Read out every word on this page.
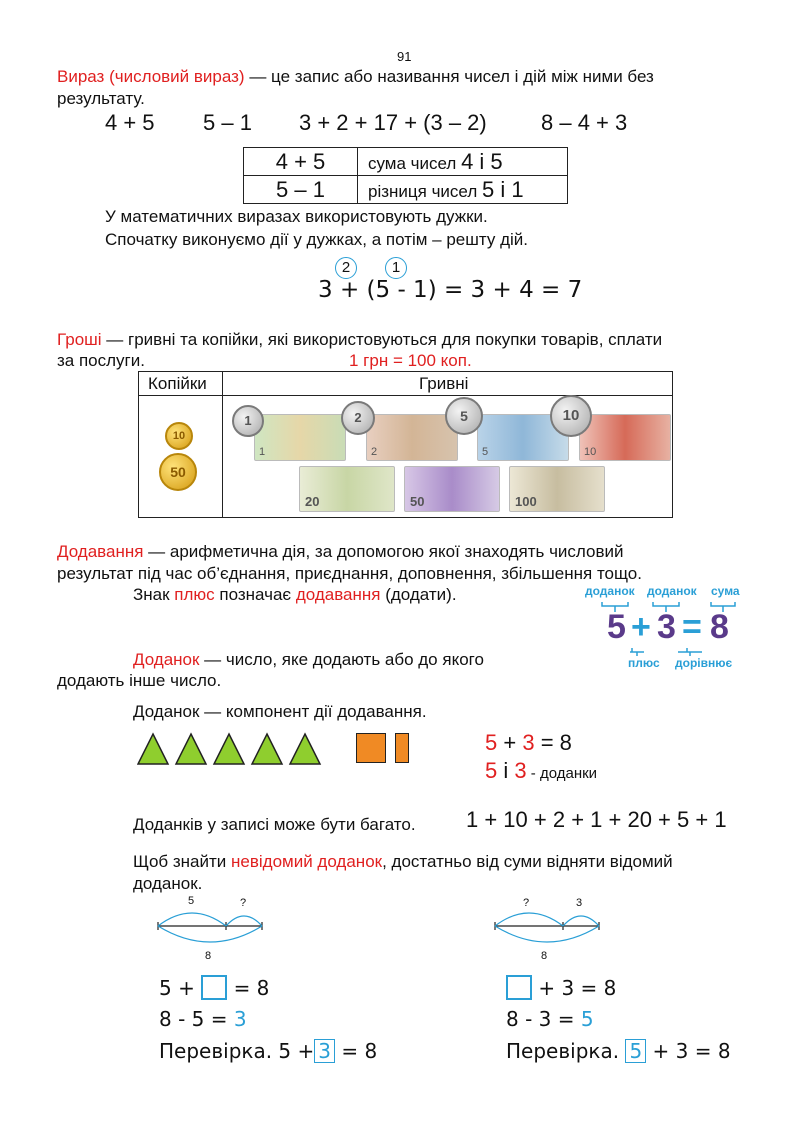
91
Вираз (числовий вираз) — це запис або називання чисел і дій між ними без
результату.
4 + 5 5 – 1 3 + 2 + 17 + (3 – 2) 8 – 4 + 3
4 + 5	сума чисел 4 і 5
5 – 1	різниця чисел 5 і 1
У математичних виразах використовують дужки.
Спочатку виконуємо дії у дужках, а потім – решту дій.
2	1
3 + (5 - 1) = 3 + 4 = 7
Гроші — гривні та копійки, які використовуються для покупки товарів, сплати
за послуги.	1 грн = 100 коп.
Копійки	Гривні
10
50
1	2	5	10
1	2	5	10
20	50	100
Додавання — арифметична дія, за допомогою якої знаходять числовий
результат під час об’єднання, приєднання, доповнення, збільшення тощо.
Знак плюс позначає додавання (додати).	доданок доданок сума
5 + 3 = 8
плюс дорівнює
Доданок — число, яке додають або до якого
додають інше число.
Доданок — компонент дії додавання.
5 + 3 = 8
5 і 3 - доданки
Доданків у записі може бути багато. 1 + 10 + 2 + 1 + 20 + 5 + 1
Щоб знайти невідомий доданок, достатньо від суми відняти відомий
доданок.
5	?
8
5 + = 8
8 - 5 = 3
Перевірка. 5 + 3 = 8
?	3
8
+ 3 = 8
8 - 3 = 5
Перевірка. 5 + 3 = 8
